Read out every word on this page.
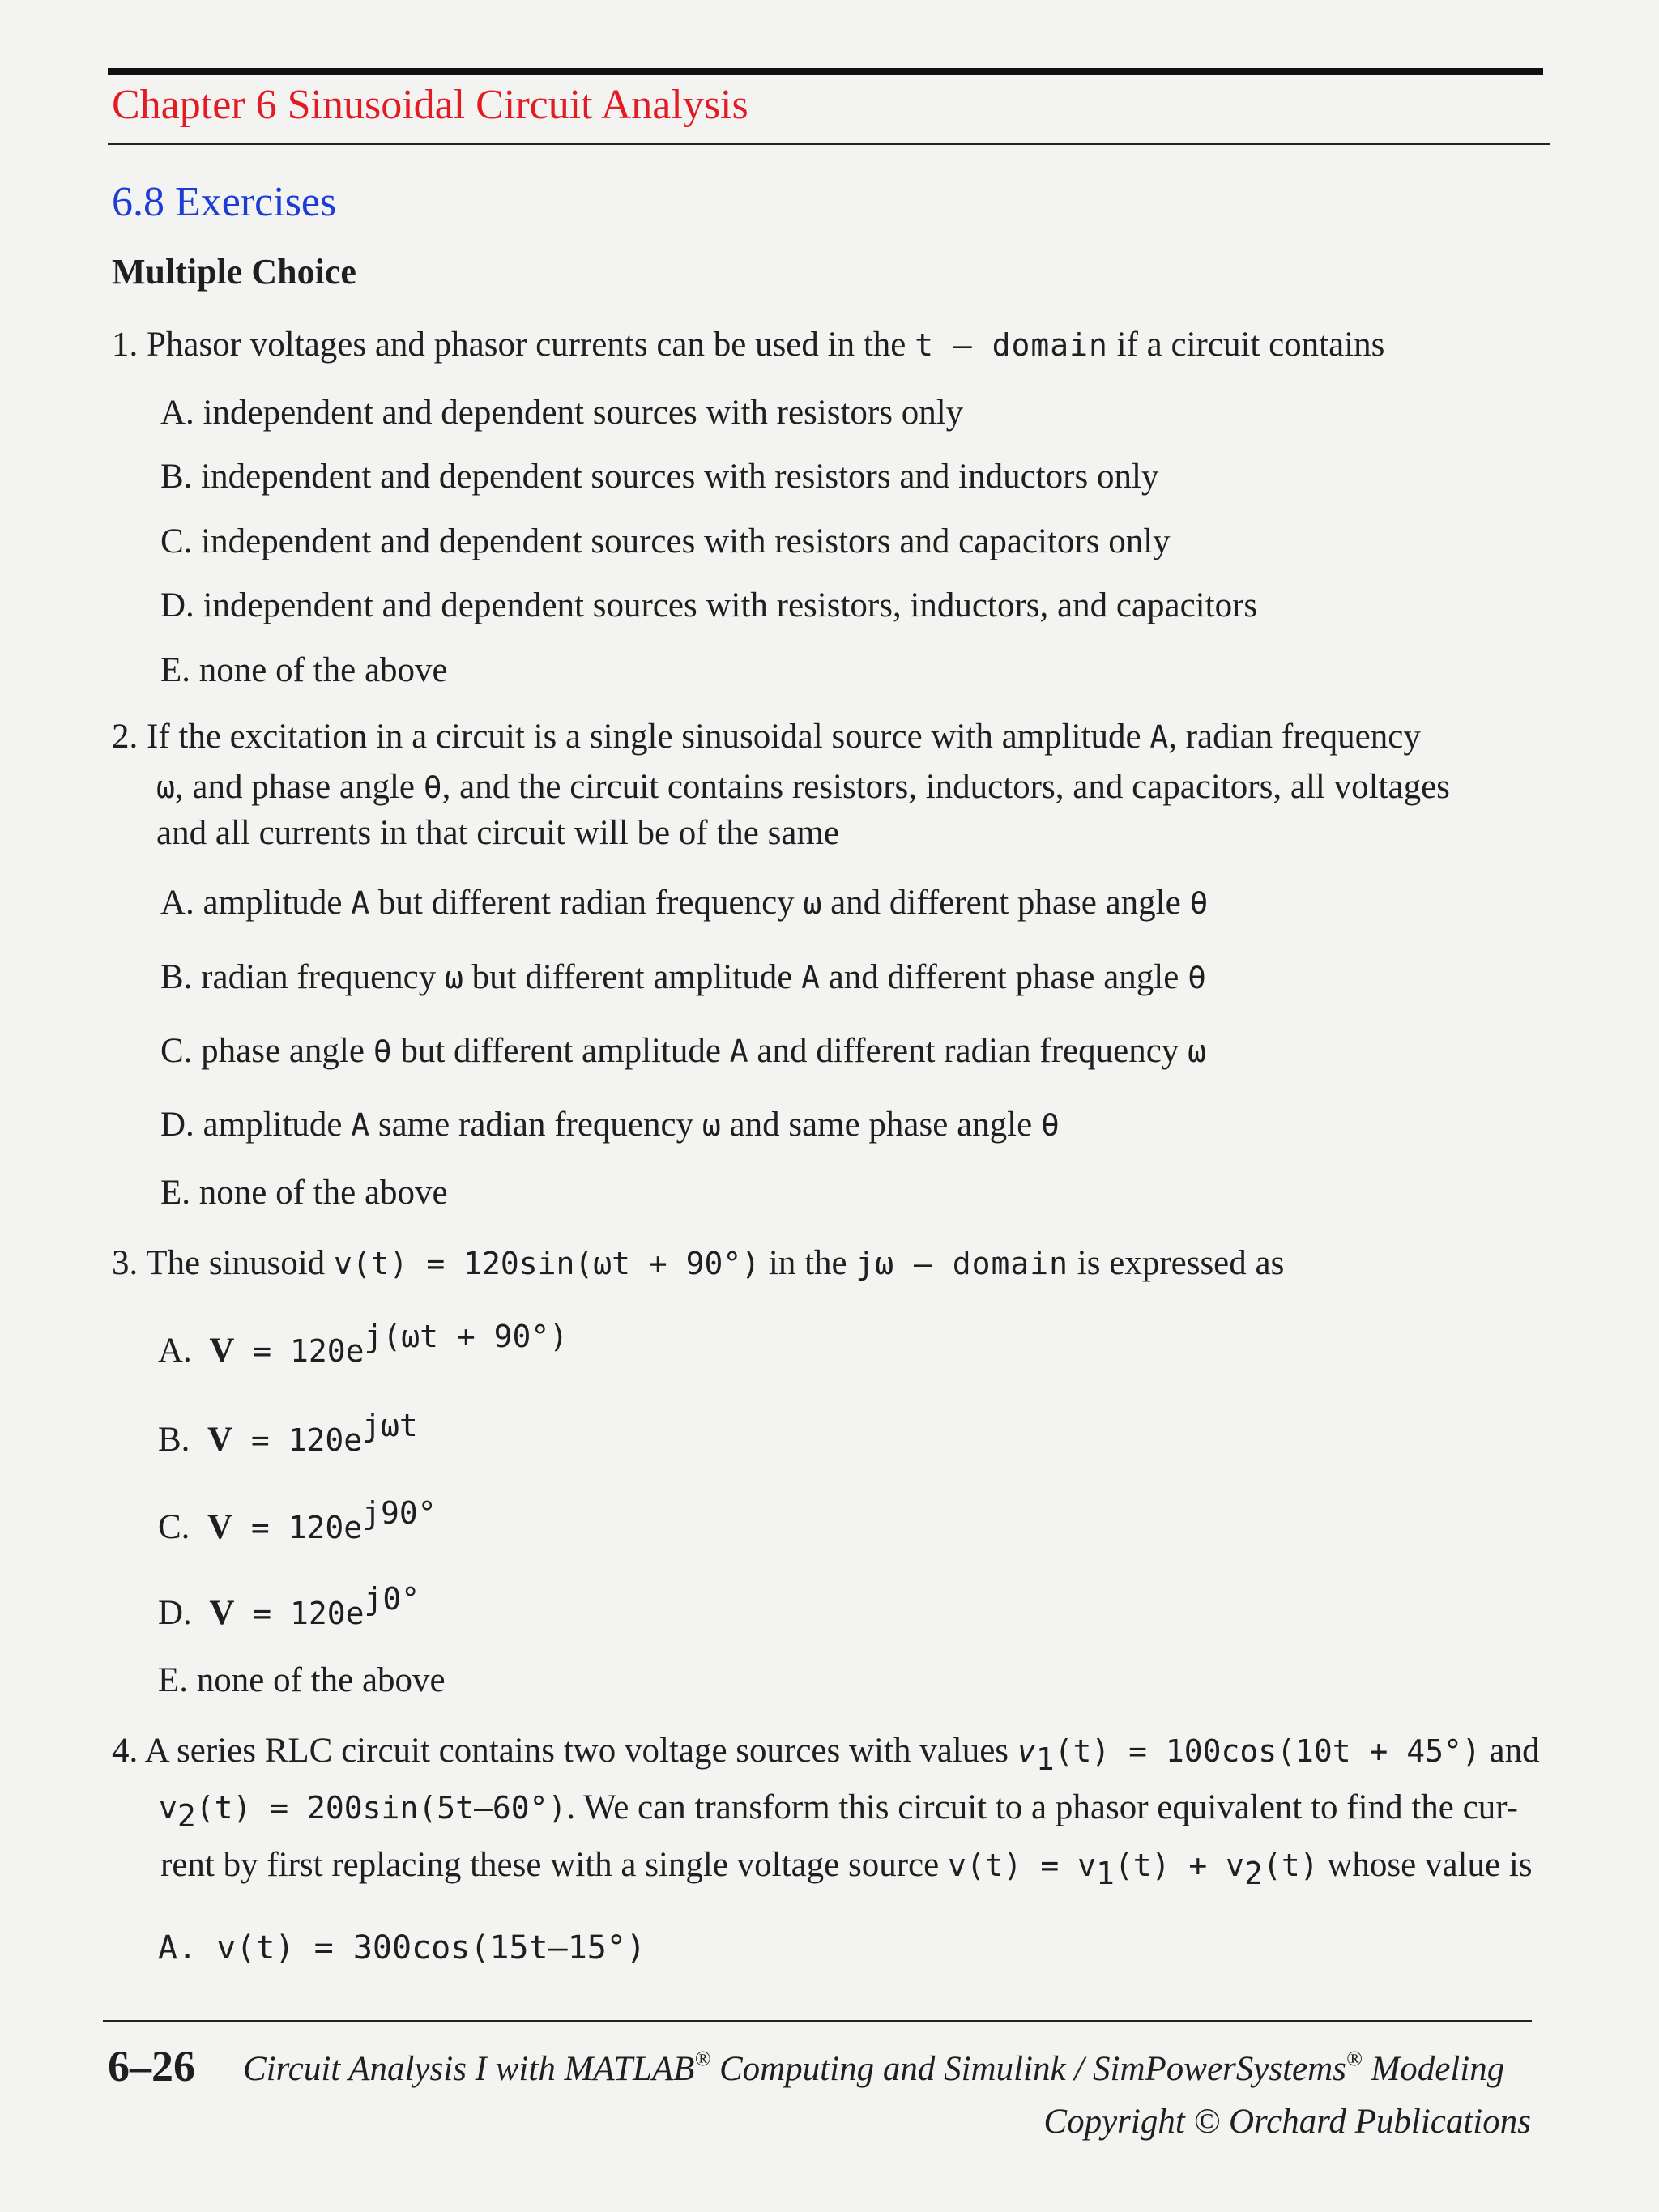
Chapter 6 Sinusoidal Circuit Analysis
6.8 Exercises
Multiple Choice
1. Phasor voltages and phasor currents can be used in the t – domain if a circuit contains
A. independent and dependent sources with resistors only
B. independent and dependent sources with resistors and inductors only
C. independent and dependent sources with resistors and capacitors only
D. independent and dependent sources with resistors, inductors, and capacitors
E. none of the above
2. If the excitation in a circuit is a single sinusoidal source with amplitude A, radian frequency
ω, and phase angle θ, and the circuit contains resistors, inductors, and capacitors, all voltages
and all currents in that circuit will be of the same
A. amplitude A but different radian frequency ω and different phase angle θ
B. radian frequency ω but different amplitude A and different phase angle θ
C. phase angle θ but different amplitude A and different radian frequency ω
D. amplitude A same radian frequency ω and same phase angle θ
E. none of the above
3. The sinusoid v(t) = 120sin(ωt + 90°) in the jω – domain is expressed as
A. $V = 120e^{j(\omega t + 90^\circ)}$
B. $V = 120e^{j\omega t}$
C. $V = 120e^{j90^\circ}$
D. $V = 120e^{j0^\circ}$
E. none of the above
4. A series RLC circuit contains two voltage sources with values $v_1(t) = 100\cos(10t + 45^\circ)$ and
$v_2(t) = 200\sin(5t-60^\circ)$. We can transform this circuit to a phasor equivalent to find the cur-
rent by first replacing these with a single voltage source $v(t) = v_1(t) + v_2(t)$ whose value is
A. v(t) = 300cos(15t–15°)
6–26 Circuit Analysis I with MATLAB® Computing and Simulink / SimPowerSystems® Modeling
Copyright © Orchard Publications
